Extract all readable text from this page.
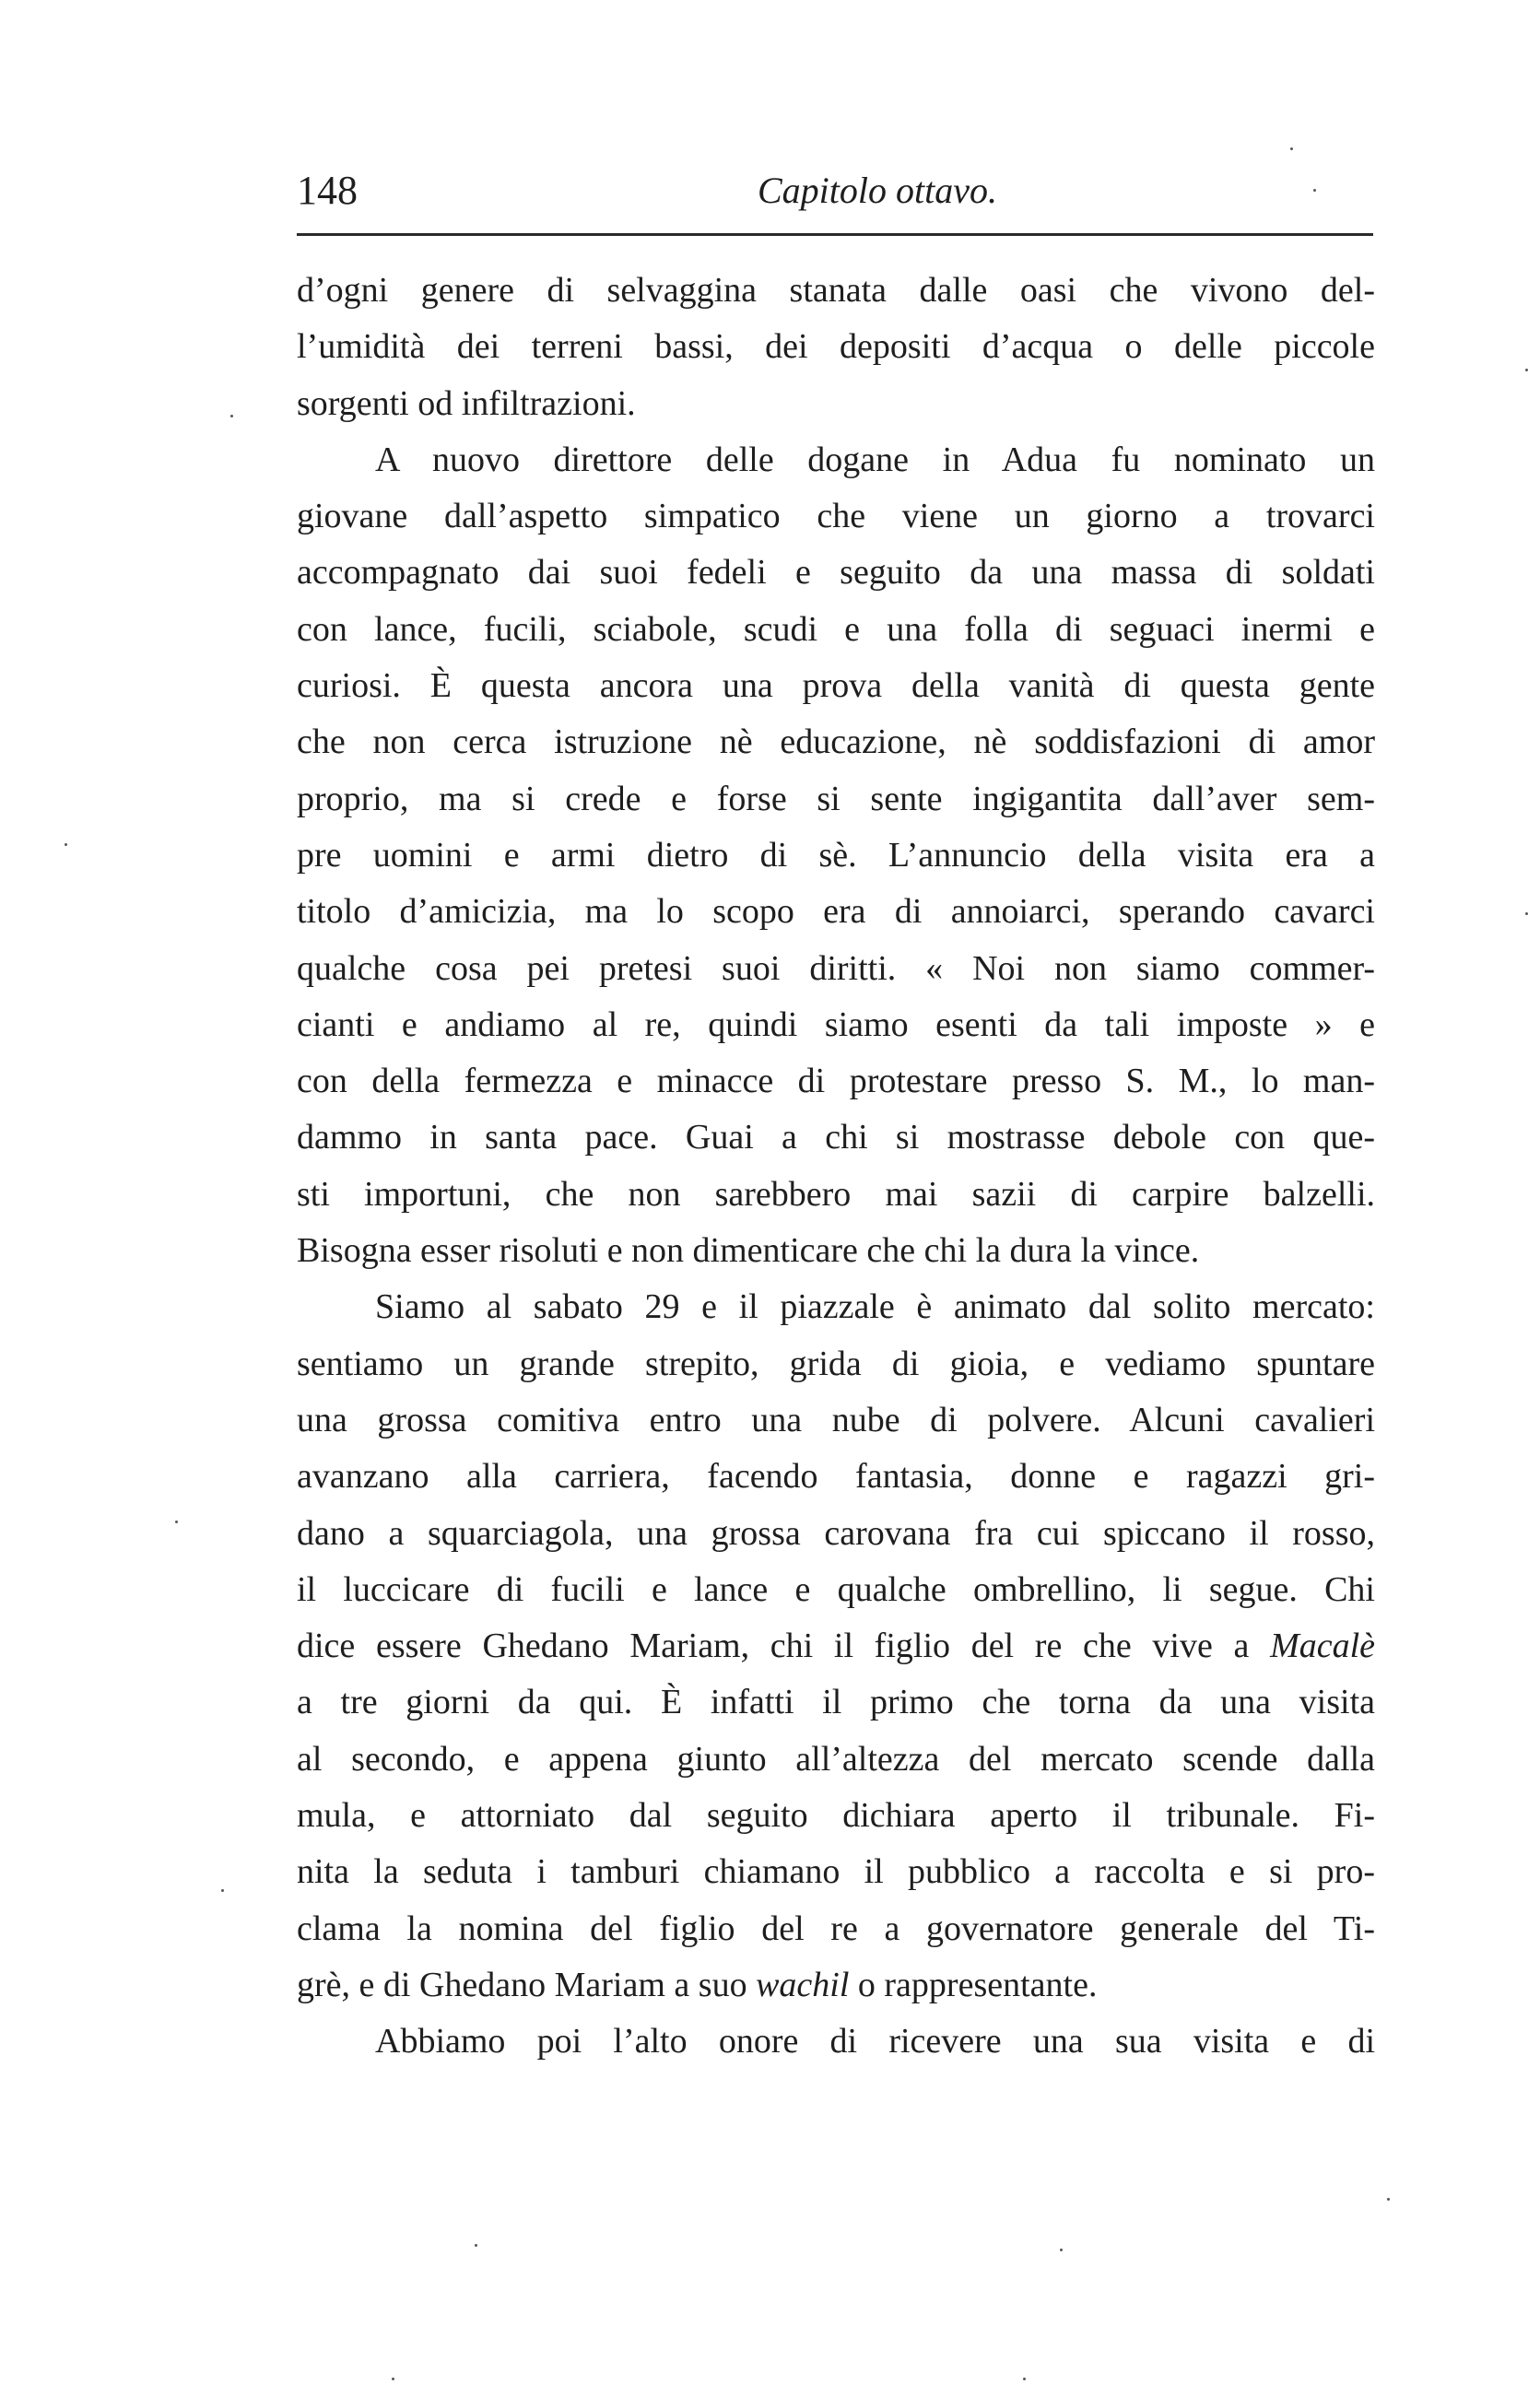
148	Capitolo ottavo.
d’ogni genere di selvaggina stanata dalle oasi che vivono del-
l’umidità dei terreni bassi, dei depositi d’acqua o delle piccole
sorgenti od infiltrazioni.
A nuovo direttore delle dogane in Adua fu nominato un
giovane dall’aspetto simpatico che viene un giorno a trovarci
accompagnato dai suoi fedeli e seguito da una massa di soldati
con lance, fucili, sciabole, scudi e una folla di seguaci inermi e
curiosi. È questa ancora una prova della vanità di questa gente
che non cerca istruzione nè educazione, nè soddisfazioni di amor
proprio, ma si crede e forse si sente ingigantita dall’aver sem-
pre uomini e armi dietro di sè. L’annuncio della visita era a
titolo d’amicizia, ma lo scopo era di annoiarci, sperando cavarci
qualche cosa pei pretesi suoi diritti. « Noi non siamo commer-
cianti e andiamo al re, quindi siamo esenti da tali imposte » e
con della fermezza e minacce di protestare presso S. M., lo man-
dammo in santa pace. Guai a chi si mostrasse debole con que-
sti importuni, che non sarebbero mai sazii di carpire balzelli.
Bisogna esser risoluti e non dimenticare che chi la dura la vince.
Siamo al sabato 29 e il piazzale è animato dal solito mercato:
sentiamo un grande strepito, grida di gioia, e vediamo spuntare
una grossa comitiva entro una nube di polvere. Alcuni cavalieri
avanzano alla carriera, facendo fantasia, donne e ragazzi gri-
dano a squarciagola, una grossa carovana fra cui spiccano il rosso,
il luccicare di fucili e lance e qualche ombrellino, li segue. Chi
dice essere Ghedano Mariam, chi il figlio del re che vive a Macalè
a tre giorni da qui. È infatti il primo che torna da una visita
al secondo, e appena giunto all’altezza del mercato scende dalla
mula, e attorniato dal seguito dichiara aperto il tribunale. Fi-
nita la seduta i tamburi chiamano il pubblico a raccolta e si pro-
clama la nomina del figlio del re a governatore generale del Ti-
grè, e di Ghedano Mariam a suo wachil o rappresentante.
Abbiamo poi l’alto onore di ricevere una sua visita e di
